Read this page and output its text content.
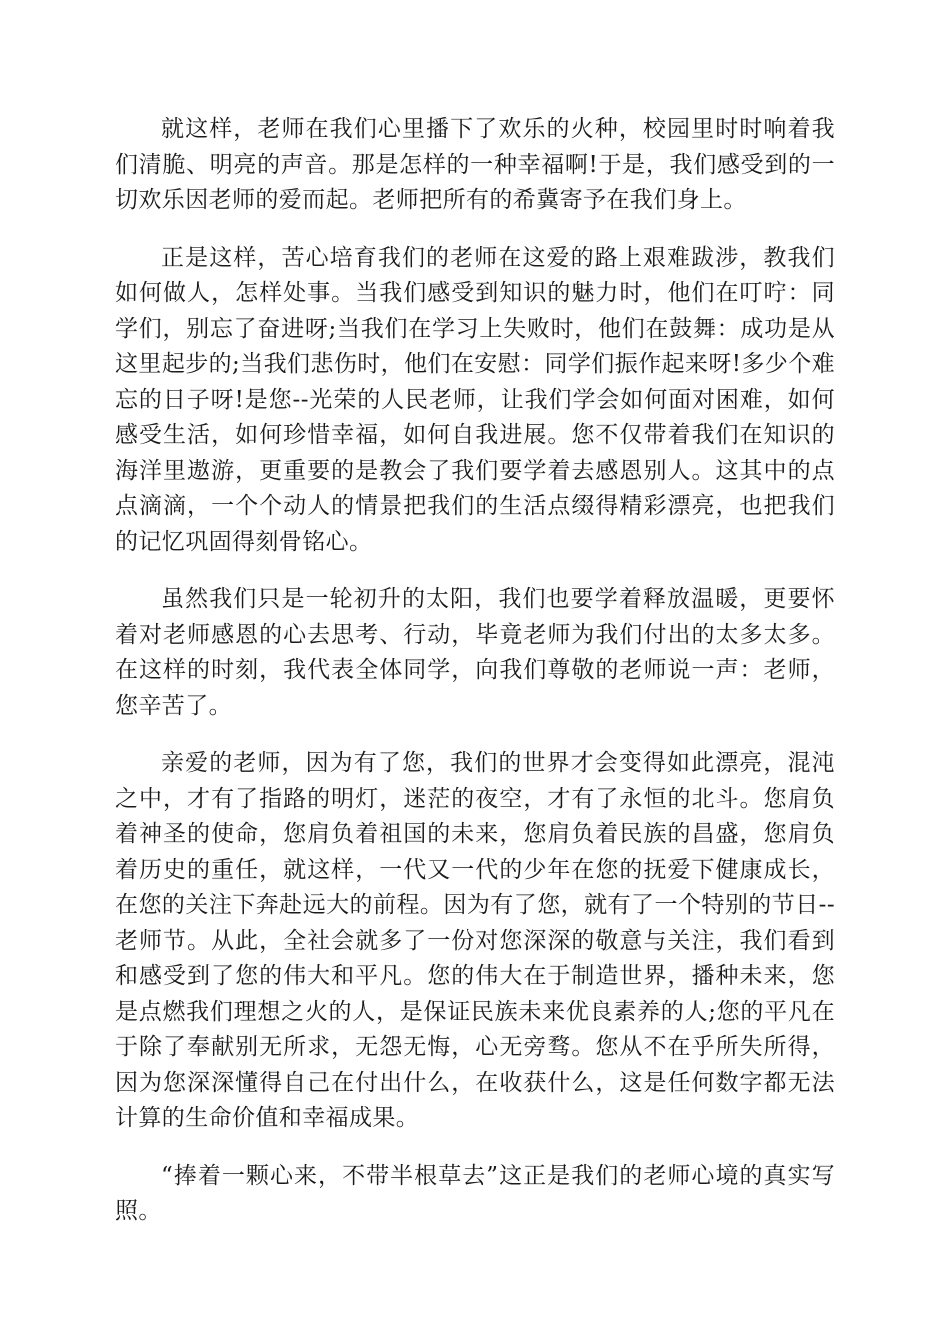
就这样，老师在我们心里播下了欢乐的火种，校园里时时响着我们清脆、明亮的声音。那是怎样的一种幸福啊!于是，我们感受到的一切欢乐因老师的爱而起。老师把所有的希冀寄予在我们身上。

正是这样，苦心培育我们的老师在这爱的路上艰难跋涉，教我们如何做人，怎样处事。当我们感受到知识的魅力时，他们在叮咛：同学们，别忘了奋进呀;当我们在学习上失败时，他们在鼓舞：成功是从这里起步的;当我们悲伤时，他们在安慰：同学们振作起来呀!多少个难忘的日子呀!是您--光荣的人民老师，让我们学会如何面对困难，如何感受生活，如何珍惜幸福，如何自我进展。您不仅带着我们在知识的海洋里遨游，更重要的是教会了我们要学着去感恩别人。这其中的点点滴滴，一个个动人的情景把我们的生活点缀得精彩漂亮，也把我们的记忆巩固得刻骨铭心。

虽然我们只是一轮初升的太阳，我们也要学着释放温暖，更要怀着对老师感恩的心去思考、行动，毕竟老师为我们付出的太多太多。在这样的时刻，我代表全体同学，向我们尊敬的老师说一声：老师，您辛苦了。

亲爱的老师，因为有了您，我们的世界才会变得如此漂亮，混沌之中，才有了指路的明灯，迷茫的夜空，才有了永恒的北斗。您肩负着神圣的使命，您肩负着祖国的未来，您肩负着民族的昌盛，您肩负着历史的重任，就这样，一代又一代的少年在您的抚爱下健康成长，在您的关注下奔赴远大的前程。因为有了您，就有了一个特别的节日--老师节。从此，全社会就多了一份对您深深的敬意与关注，我们看到和感受到了您的伟大和平凡。您的伟大在于制造世界，播种未来，您是点燃我们理想之火的人，是保证民族未来优良素养的人;您的平凡在于除了奉献别无所求，无怨无悔，心无旁骛。您从不在乎所失所得，因为您深深懂得自己在付出什么，在收获什么，这是任何数字都无法计算的生命价值和幸福成果。

“捧着一颗心来，不带半根草去”这正是我们的老师心境的真实写照。
